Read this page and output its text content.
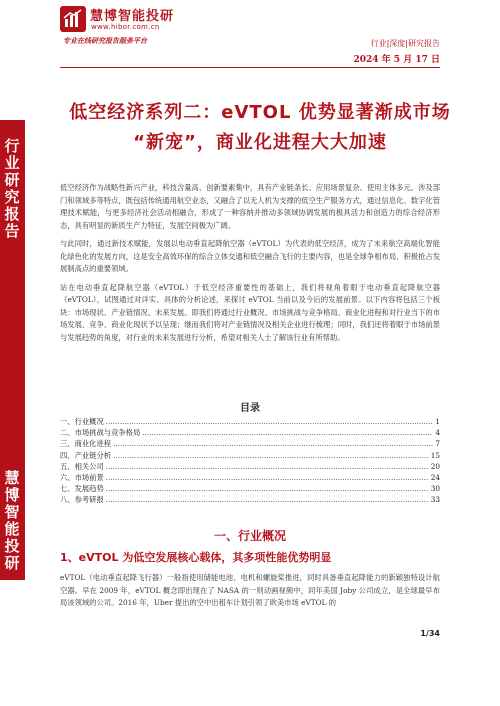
慧博智能投研
www.hibor.com.cn
专业在线研究报告服务平台	行业|深度|研究报告
2024 年 5 月 17 日
行
业
研
究
报
告
慧
博
智
能
投
研
低空经济系列二：eVTOL 优势显著渐成市场
“新宠”，商业化进程大大加速

低空经济作为战略性新兴产业，科技含量高、创新要素集中，具有产业链条长、应用场景复杂、使用主体多元、涉及部门和领域多等特点，既包括传统通用航空业态，又融合了以无人机为支撑的低空生产服务方式，通过信息化、数字化管理技术赋能，与更多经济社会活动相融合，形成了一种容纳并推动多领域协调发展的极具活力和创造力的综合经济形态，具有明显的新质生产力特征，发展空间极为广阔。

与此同时，通过新技术赋能，发展以电动垂直起降航空器（eVTOL）为代表的低空经济，成为了未来航空高端化智能化绿色化的发展方向，这是安全高效环保的综合立体交通和低空融合飞行的主要内容，也是全球争相布局、积极抢占发展制高点的重要领域。

站在电动垂直起降航空器（eVTOL）于低空经济重要性的基础上，我们将视角着眼于电动垂直起降航空器（eVTOL），试图通过对详实、具体的分析论述，来探讨 eVTOL 当前以及今后的发展前景。以下内容将包括三个板块：市场现状、产业链情况、未来发展。即我们将通过行业概况、市场挑战与竞争格局、商业化进程和对行业当下的市场发展、竞争、商业化现状予以呈现；继而我们将对产业链情况及相关企业进行梳理；同时，我们还将着眼于市场前景与发展趋势的角度，对行业的未来发展进行分析，希望对相关人士了解该行业有所帮助。

目录
一、行业概况 .....	1
二、市场挑战与竞争格局 .....	4
三、商业化进程 .....	7
四、产业链分析 .....	15
五、相关公司 .....	20
六、市场前景 .....	24
七、发展趋势 .....	30
八、参考研报 .....	33
一、行业概况
1、eVTOL 为低空发展核心载体，其多项性能优势明显

eVTOL（电动垂直起降飞行器）一般指使用储能电池、电机和螺旋桨推进，同时具备垂直起降能力的新颖独特设计航空器。早在 2009 年，eVTOL 概念即出现在了 NASA 的一则动画视频中，同年美国 Joby 公司成立，是全球最早布局该领域的公司。2016 年，Uber 提出的空中出租车计划引领了欧美市场 eVTOL 的

1/34
